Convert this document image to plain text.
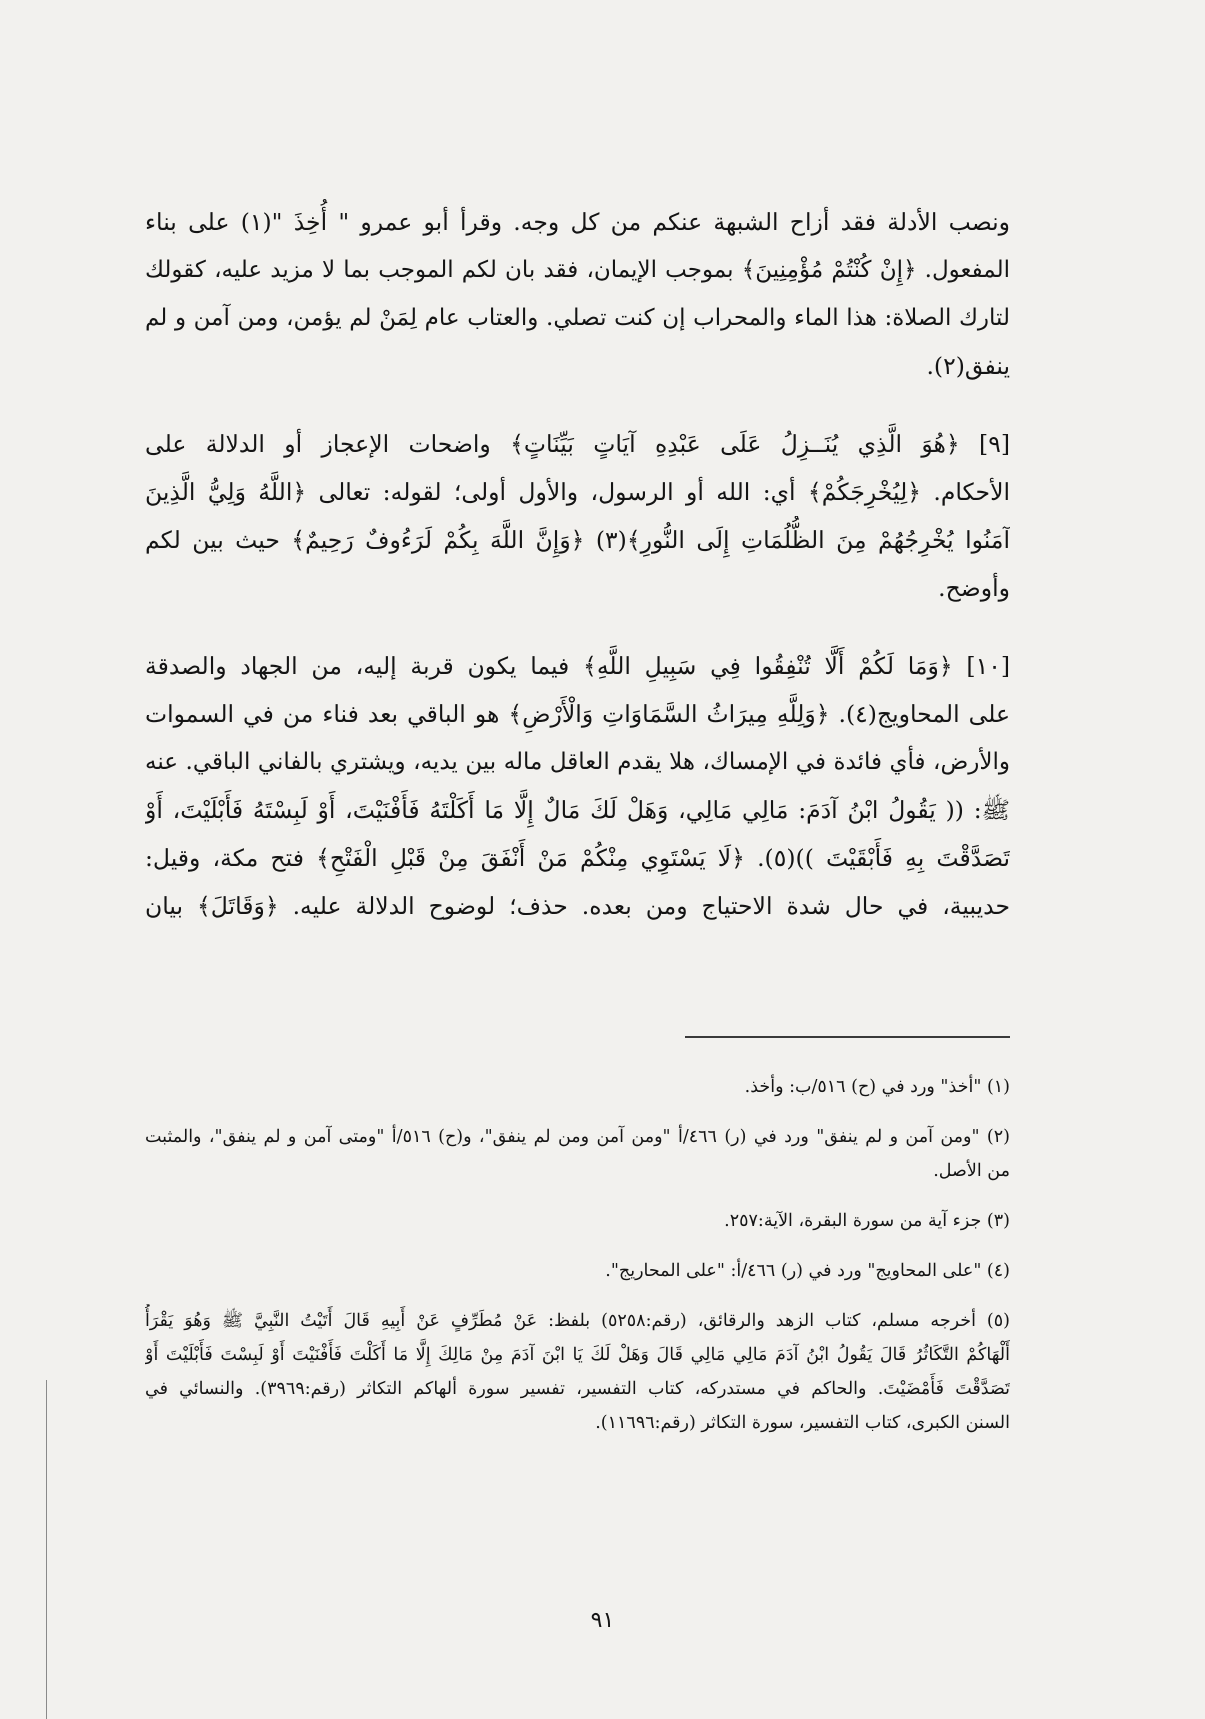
ونصب الأدلة فقد أزاح الشبهة عنكم من كل وجه. وقرأ أبو عمرو " أُخِذَ "(١) على بناء
المفعول. ﴿إِنْ كُنْتُمْ مُؤْمِنِينَ﴾ بموجب الإيمان، فقد بان لكم الموجب بما لا مزيد عليه، كقولك
لتارك الصلاة: هذا الماء والمحراب إن كنت تصلي. والعتاب عام لِمَنْ لم يؤمن، ومن آمن و لم
ينفق(٢).
[٩] ﴿هُوَ الَّذِي يُنَــزِلُ عَلَى عَبْدِهِ آيَاتٍ بَيِّنَاتٍ﴾ واضحات الإعجاز أو الدلالة على
الأحكام. ﴿لِيُخْرِجَكُمْ﴾ أي: الله أو الرسول، والأول أولى؛ لقوله: تعالى ﴿اللَّهُ وَلِيُّ الَّذِينَ
آمَنُوا يُخْرِجُهُمْ مِنَ الظُّلُمَاتِ إِلَى النُّورِ﴾(٣) ﴿وَإِنَّ اللَّهَ بِكُمْ لَرَءُوفٌ رَحِيمٌ﴾ حيث بين لكم
وأوضح.
[١٠] ﴿وَمَا لَكُمْ أَلَّا تُنْفِقُوا فِي سَبِيلِ اللَّهِ﴾ فيما يكون قربة إليه، من الجهاد والصدقة
على المحاويج(٤). ﴿وَلِلَّهِ مِيرَاثُ السَّمَاوَاتِ وَالْأَرْضِ﴾ هو الباقي بعد فناء من في السموات
والأرض، فأي فائدة في الإمساك، هلا يقدم العاقل ماله بين يديه، ويشتري بالفاني الباقي. عنه
ﷺ: (( يَقُولُ ابْنُ آدَمَ: مَالِي مَالِي، وَهَلْ لَكَ مَالٌ إِلَّا مَا أَكَلْتَهُ فَأَفْنَيْتَ، أَوْ لَبِسْتَهُ فَأَبْلَيْتَ، أَوْ
تَصَدَّقْتَ بِهِ فَأَبْقَيْتَ ))(٥). ﴿لَا يَسْتَوِي مِنْكُمْ مَنْ أَنْفَقَ مِنْ قَبْلِ الْفَتْحِ﴾ فتح مكة، وقيل:
حديبية، في حال شدة الاحتياج ومن بعده. حذف؛ لوضوح الدلالة عليه. ﴿وَقَاتَلَ﴾ بيان
(١) "أخذ" ورد في (ح) ٥١٦/ب: وأخذ.
(٢) "ومن آمن و لم ينفق" ورد في (ر) ٤٦٦/أ "ومن آمن ومن لم ينفق"، و(ح) ٥١٦/أ "ومتى آمن و لم ينفق"، والمثبت
من الأصل.
(٣) جزء آية من سورة البقرة، الآية:٢٥٧.
(٤) "على المحاويج" ورد في (ر) ٤٦٦/أ: "على المحاريج".
(٥) أخرجه مسلم، كتاب الزهد والرقائق، (رقم:٥٢٥٨) بلفظ: عَنْ مُطَرِّفٍ عَنْ أَبِيهِ قَالَ أَتَيْتُ النَّبِيَّ ﷺ وَهُوَ يَقْرَأُ
أَلْهَاكُمْ التَّكَاثُرُ قَالَ يَقُولُ ابْنُ آدَمَ مَالِي مَالِي قَالَ وَهَلْ لَكَ يَا ابْنَ آدَمَ مِنْ مَالِكَ إِلَّا مَا أَكَلْتَ فَأَفْنَيْتَ أَوْ لَبِسْتَ فَأَبْلَيْتَ أَوْ
تَصَدَّقْتَ فَأَمْضَيْتَ. والحاكم في مستدركه، كتاب التفسير، تفسير سورة ألهاكم التكاثر (رقم:٣٩٦٩). والنسائي في
السنن الكبرى، كتاب التفسير، سورة التكاثر (رقم:١١٦٩٦).
٩١
